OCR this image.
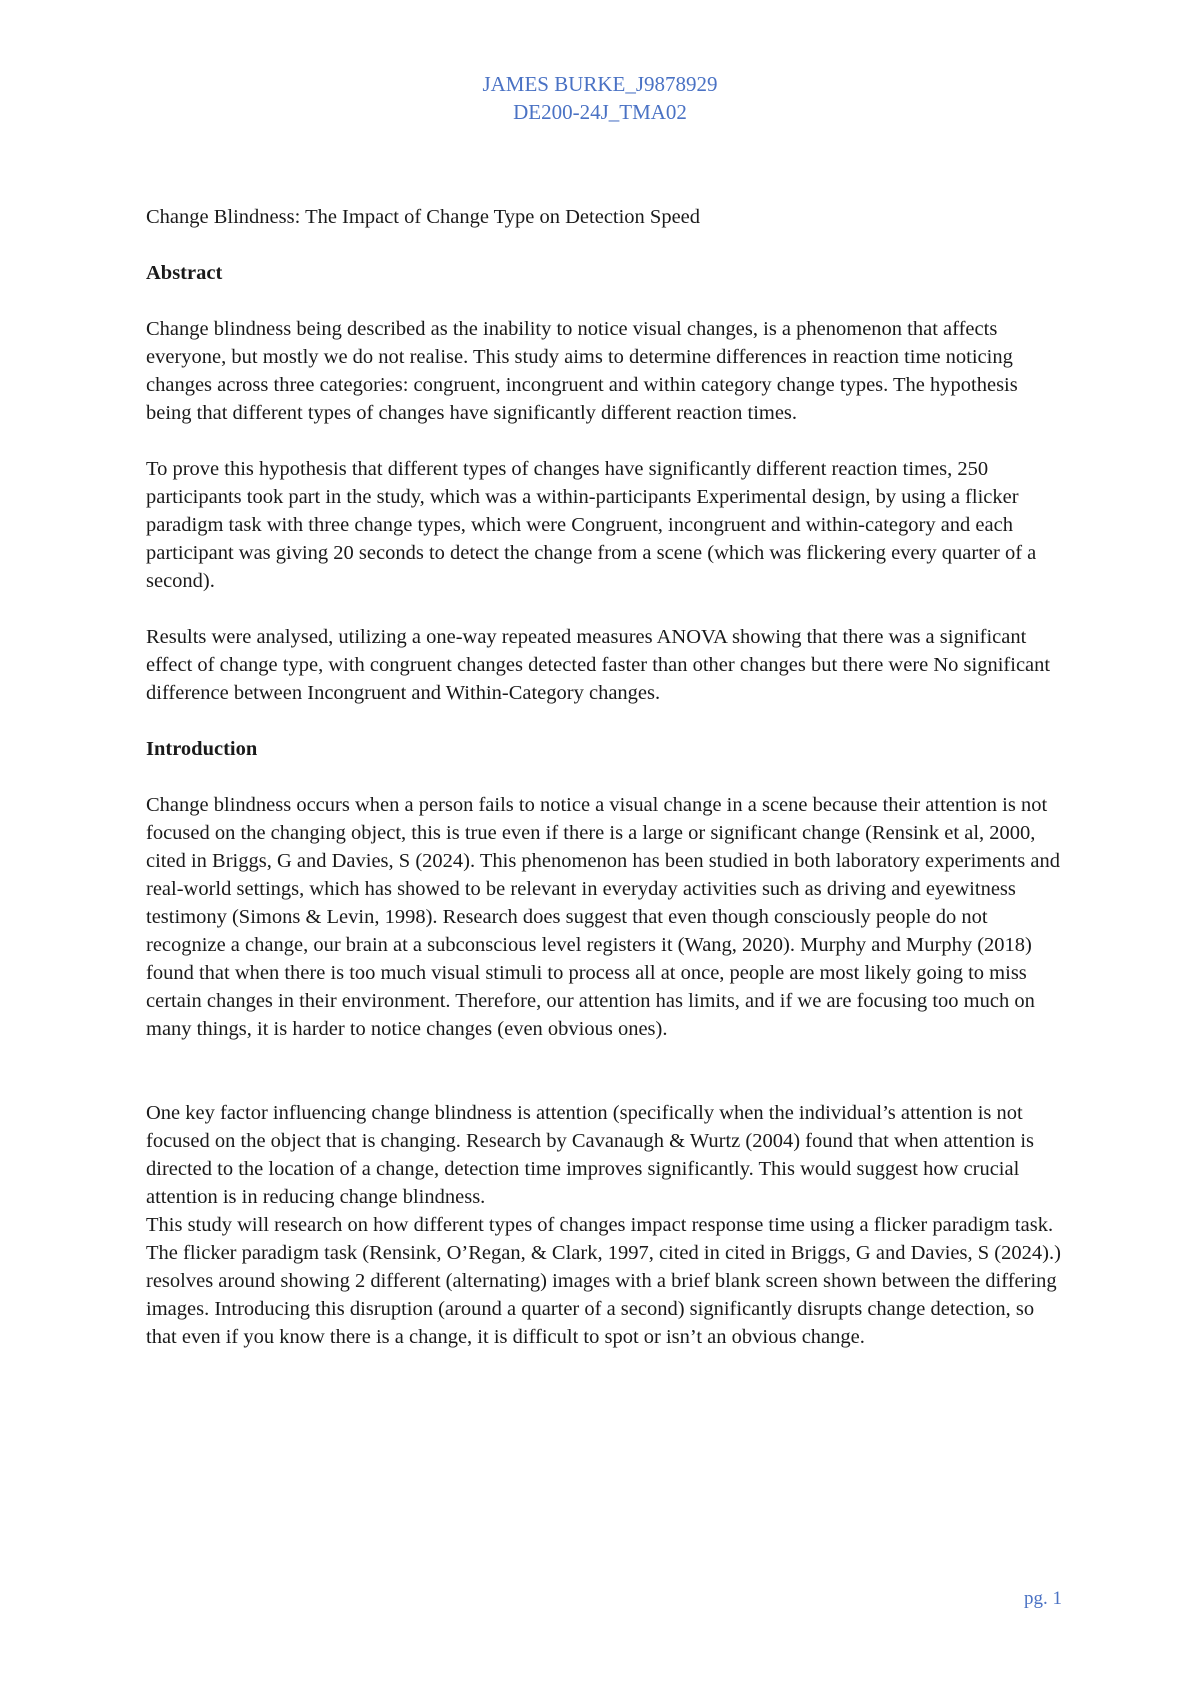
JAMES BURKE_J9878929
DE200-24J_TMA02

Change Blindness: The Impact of Change Type on Detection Speed

Abstract

Change blindness being described as the inability to notice visual changes, is a phenomenon that affects everyone, but mostly we do not realise. This study aims to determine differences in reaction time noticing changes across three categories: congruent, incongruent and within category change types. The hypothesis being that different types of changes have significantly different reaction times.

To prove this hypothesis that different types of changes have significantly different reaction times, 250 participants took part in the study, which was a within-participants Experimental design, by using a flicker paradigm task with three change types, which were Congruent, incongruent and within-category and each participant was giving 20 seconds to detect the change from a scene (which was flickering every quarter of a second).

Results were analysed, utilizing a one-way repeated measures ANOVA showing that there was a significant effect of change type, with congruent changes detected faster than other changes but there were No significant difference between Incongruent and Within-Category changes.

Introduction

Change blindness occurs when a person fails to notice a visual change in a scene because their attention is not focused on the changing object, this is true even if there is a large or significant change (Rensink et al, 2000, cited in Briggs, G and Davies, S (2024). This phenomenon has been studied in both laboratory experiments and real-world settings, which has showed to be relevant in everyday activities such as driving and eyewitness testimony (Simons & Levin, 1998). Research does suggest that even though consciously people do not recognize a change, our brain at a subconscious level registers it (Wang, 2020). Murphy and Murphy (2018) found that when there is too much visual stimuli to process all at once, people are most likely going to miss certain changes in their environment. Therefore, our attention has limits, and if we are focusing too much on many things, it is harder to notice changes (even obvious ones).

One key factor influencing change blindness is attention (specifically when the individual’s attention is not focused on the object that is changing. Research by Cavanaugh & Wurtz (2004) found that when attention is directed to the location of a change, detection time improves significantly. This would suggest how crucial attention is in reducing change blindness.

This study will research on how different types of changes impact response time using a flicker paradigm task. The flicker paradigm task (Rensink, O’Regan, & Clark, 1997, cited in cited in Briggs, G and Davies, S (2024).) resolves around showing 2 different (alternating) images with a brief blank screen shown between the differing images. Introducing this disruption (around a quarter of a second) significantly disrupts change detection, so that even if you know there is a change, it is difficult to spot or isn’t an obvious change.

pg. 1
